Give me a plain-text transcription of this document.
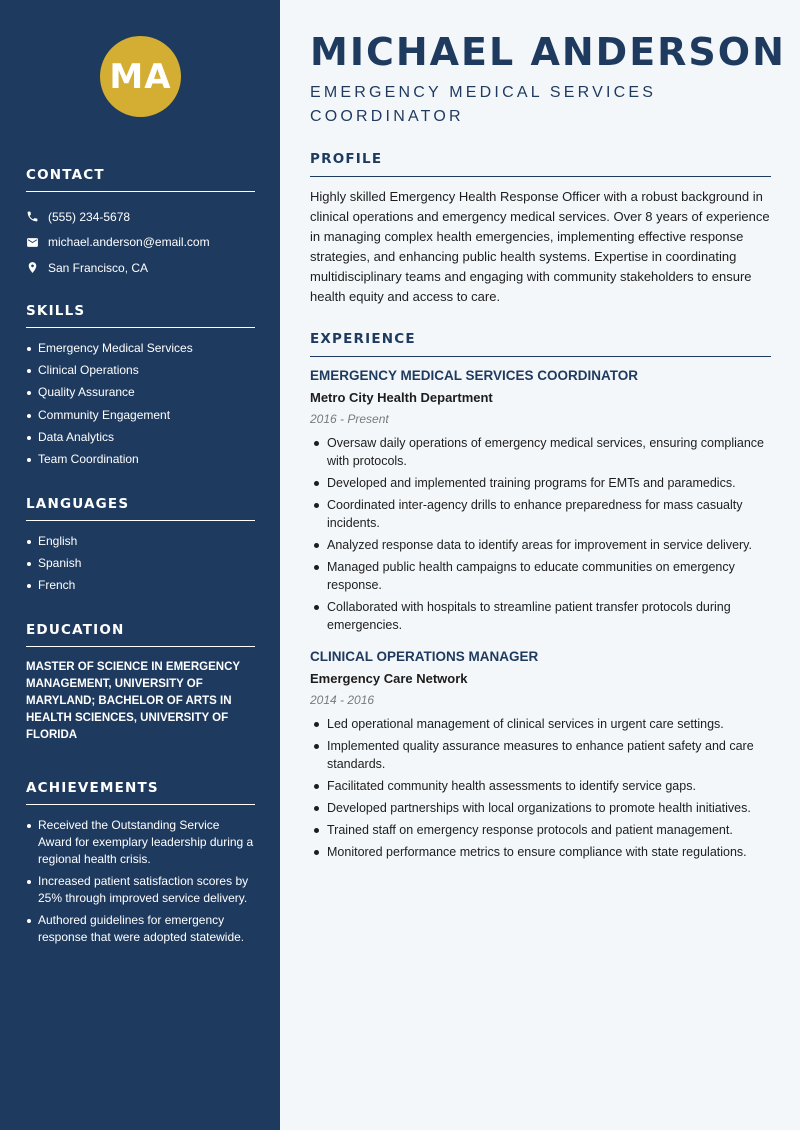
MA
CONTACT
(555) 234-5678
michael.anderson@email.com
San Francisco, CA
SKILLS
Emergency Medical Services
Clinical Operations
Quality Assurance
Community Engagement
Data Analytics
Team Coordination
LANGUAGES
English
Spanish
French
EDUCATION

MASTER OF SCIENCE IN EMERGENCY MANAGEMENT, UNIVERSITY OF MARYLAND; BACHELOR OF ARTS IN HEALTH SCIENCES, UNIVERSITY OF FLORIDA

ACHIEVEMENTS
Received the Outstanding Service Award for exemplary leadership during a regional health crisis.
Increased patient satisfaction scores by 25% through improved service delivery.
Authored guidelines for emergency response that were adopted statewide.
MICHAEL ANDERSON
EMERGENCY MEDICAL SERVICES COORDINATOR
PROFILE

Highly skilled Emergency Health Response Officer with a robust background in clinical operations and emergency medical services. Over 8 years of experience in managing complex health emergencies, implementing effective response strategies, and enhancing public health systems. Expertise in coordinating multidisciplinary teams and engaging with community stakeholders to ensure health equity and access to care.

EXPERIENCE
EMERGENCY MEDICAL SERVICES COORDINATOR
Metro City Health Department
2016 - Present
Oversaw daily operations of emergency medical services, ensuring compliance with protocols.
Developed and implemented training programs for EMTs and paramedics.
Coordinated inter-agency drills to enhance preparedness for mass casualty incidents.
Analyzed response data to identify areas for improvement in service delivery.
Managed public health campaigns to educate communities on emergency response.
Collaborated with hospitals to streamline patient transfer protocols during emergencies.
CLINICAL OPERATIONS MANAGER
Emergency Care Network
2014 - 2016
Led operational management of clinical services in urgent care settings.
Implemented quality assurance measures to enhance patient safety and care standards.
Facilitated community health assessments to identify service gaps.
Developed partnerships with local organizations to promote health initiatives.
Trained staff on emergency response protocols and patient management.
Monitored performance metrics to ensure compliance with state regulations.
